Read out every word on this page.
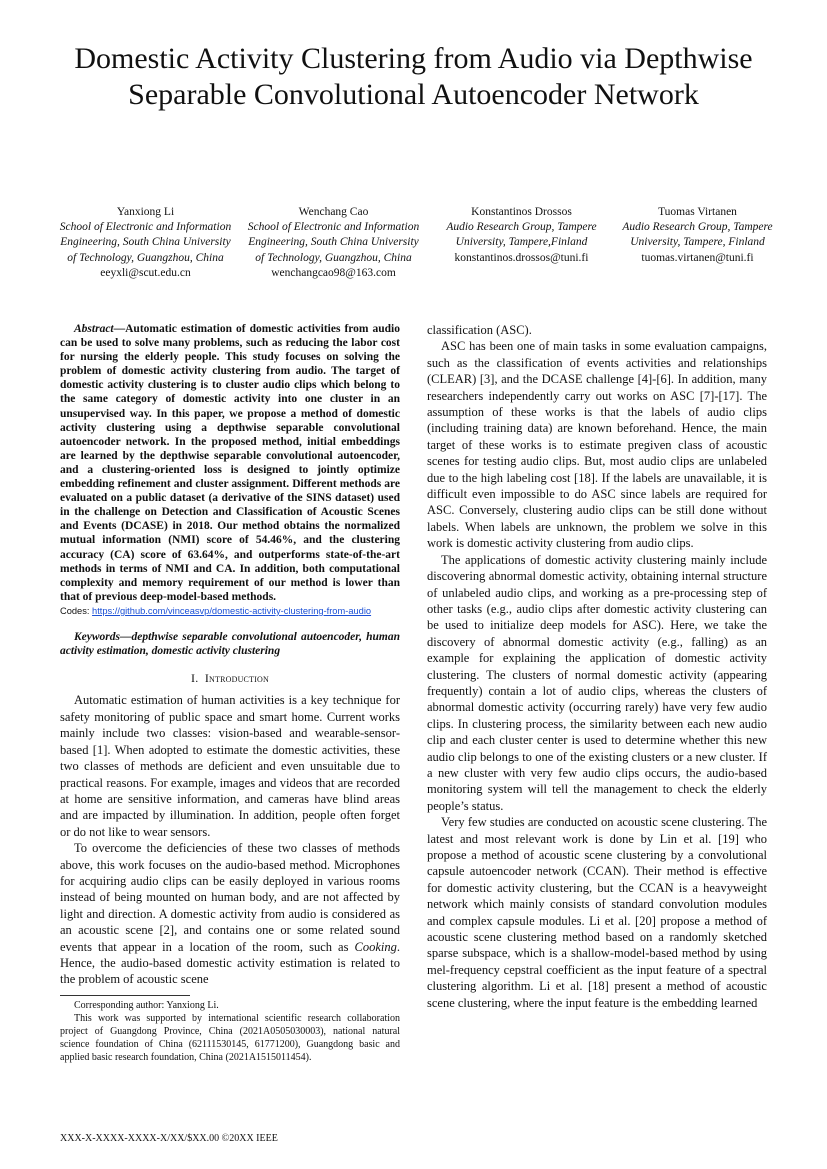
Domestic Activity Clustering from Audio via Depthwise Separable Convolutional Autoencoder Network
Yanxiong Li
School of Electronic and Information Engineering, South China University of Technology, Guangzhou, China
eeyxli@scut.edu.cn
Wenchang Cao
School of Electronic and Information Engineering, South China University of Technology, Guangzhou, China
wenchangcao98@163.com
Konstantinos Drossos
Audio Research Group, Tampere University, Tampere,Finland
konstantinos.drossos@tuni.fi
Tuomas Virtanen
Audio Research Group, Tampere University, Tampere, Finland
tuomas.virtanen@tuni.fi

Abstract—Automatic estimation of domestic activities from audio can be used to solve many problems, such as reducing the labor cost for nursing the elderly people. This study focuses on solving the problem of domestic activity clustering from audio. The target of domestic activity clustering is to cluster audio clips which belong to the same category of domestic activity into one cluster in an unsupervised way. In this paper, we propose a method of domestic activity clustering using a depthwise separable convolutional autoencoder network. In the proposed method, initial embeddings are learned by the depthwise separable convolutional autoencoder, and a clustering-oriented loss is designed to jointly optimize embedding refinement and cluster assignment. Different methods are evaluated on a public dataset (a derivative of the SINS dataset) used in the challenge on Detection and Classification of Acoustic Scenes and Events (DCASE) in 2018. Our method obtains the normalized mutual information (NMI) score of 54.46%, and the clustering accuracy (CA) score of 63.64%, and outperforms state-of-the-art methods in terms of NMI and CA. In addition, both computational complexity and memory requirement of our method is lower than that of previous deep-model-based methods.

Codes: https://github.com/vinceasvp/domestic-activity-clustering-from-audio

Keywords—depthwise separable convolutional autoencoder, human activity estimation, domestic activity clustering

I. Introduction

Automatic estimation of human activities is a key technique for safety monitoring of public space and smart home. Current works mainly include two classes: vision-based and wearable-sensor-based [1]. When adopted to estimate the domestic activities, these two classes of methods are deficient and even unsuitable due to practical reasons. For example, images and videos that are recorded at home are sensitive information, and cameras have blind areas and are impacted by illumination. In addition, people often forget or do not like to wear sensors.

To overcome the deficiencies of these two classes of methods above, this work focuses on the audio-based method. Microphones for acquiring audio clips can be easily deployed in various rooms instead of being mounted on human body, and are not affected by light and direction. A domestic activity from audio is considered as an acoustic scene [2], and contains one or some related sound events that appear in a location of the room, such as Cooking. Hence, the audio-based domestic activity estimation is related to the problem of acoustic scene

Corresponding author: Yanxiong Li.

This work was supported by international scientific research collaboration project of Guangdong Province, China (2021A0505030003), national natural science foundation of China (62111530145, 61771200), Guangdong basic and applied basic research foundation, China (2021A1515011454).

classification (ASC).

ASC has been one of main tasks in some evaluation campaigns, such as the classification of events activities and relationships (CLEAR) [3], and the DCASE challenge [4]-[6]. In addition, many researchers independently carry out works on ASC [7]-[17]. The assumption of these works is that the labels of audio clips (including training data) are known beforehand. Hence, the main target of these works is to estimate pregiven class of acoustic scenes for testing audio clips. But, most audio clips are unlabeled due to the high labeling cost [18]. If the labels are unavailable, it is difficult even impossible to do ASC since labels are required for ASC. Conversely, clustering audio clips can be still done without labels. When labels are unknown, the problem we solve in this work is domestic activity clustering from audio clips.

The applications of domestic activity clustering mainly include discovering abnormal domestic activity, obtaining internal structure of unlabeled audio clips, and working as a pre-processing step of other tasks (e.g., audio clips after domestic activity clustering can be used to initialize deep models for ASC). Here, we take the discovery of abnormal domestic activity (e.g., falling) as an example for explaining the application of domestic activity clustering. The clusters of normal domestic activity (appearing frequently) contain a lot of audio clips, whereas the clusters of abnormal domestic activity (occurring rarely) have very few audio clips. In clustering process, the similarity between each new audio clip and each cluster center is used to determine whether this new audio clip belongs to one of the existing clusters or a new cluster. If a new cluster with very few audio clips occurs, the audio-based monitoring system will tell the management to check the elderly people’s status.

Very few studies are conducted on acoustic scene clustering. The latest and most relevant work is done by Lin et al. [19] who propose a method of acoustic scene clustering by a convolutional capsule autoencoder network (CCAN). Their method is effective for domestic activity clustering, but the CCAN is a heavyweight network which mainly consists of standard convolution modules and complex capsule modules. Li et al. [20] propose a method of acoustic scene clustering method based on a randomly sketched sparse subspace, which is a shallow-model-based method by using mel-frequency cepstral coefficient as the input feature of a spectral clustering algorithm. Li et al. [18] present a method of acoustic scene clustering, where the input feature is the embedding learned

XXX-X-XXXX-XXXX-X/XX/$XX.00 ©20XX IEEE
